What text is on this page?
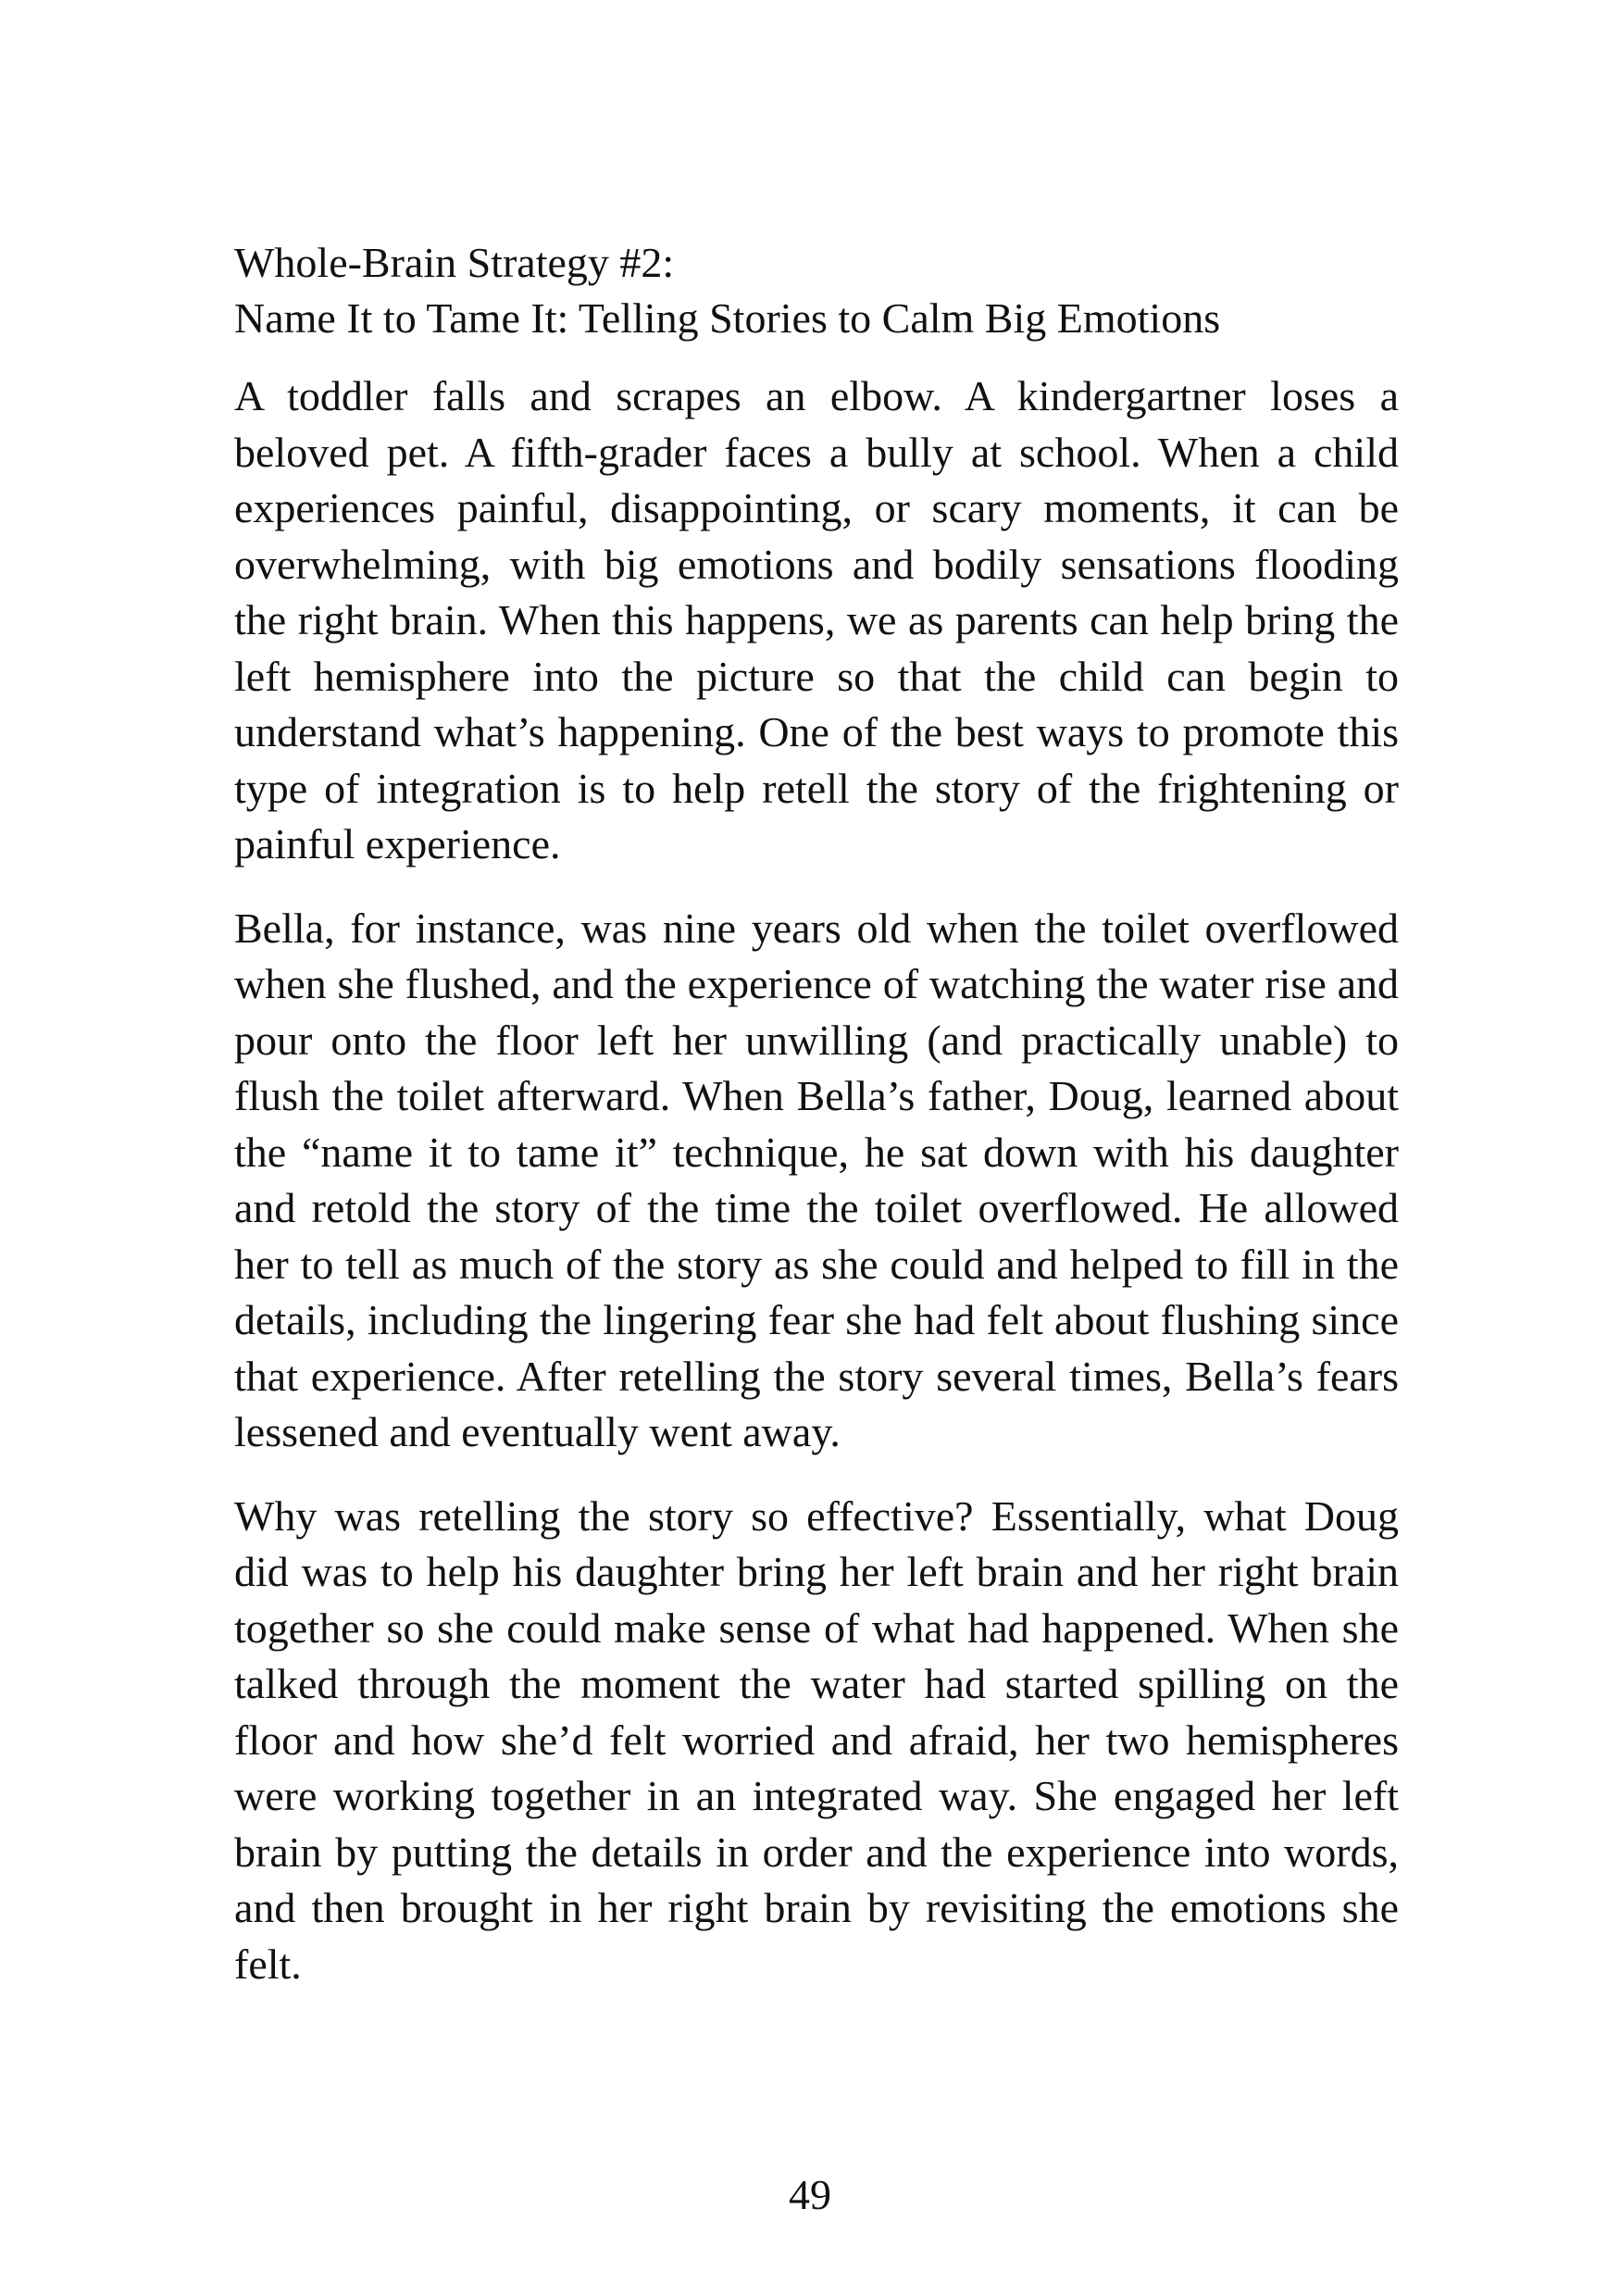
Whole-Brain Strategy #2:
Name It to Tame It: Telling Stories to Calm Big Emotions

A toddler falls and scrapes an elbow. A kindergartner loses a beloved pet. A fifth-grader faces a bully at school. When a child experiences painful, disappointing, or scary moments, it can be overwhelming, with big emotions and bodily sensations flooding the right brain. When this happens, we as parents can help bring the left hemisphere into the picture so that the child can begin to understand what’s happening. One of the best ways to promote this type of integration is to help retell the story of the frightening or painful experience.

Bella, for instance, was nine years old when the toilet overflowed when she flushed, and the experience of watching the water rise and pour onto the floor left her unwilling (and practically unable) to flush the toilet afterward. When Bella’s father, Doug, learned about the “name it to tame it” technique, he sat down with his daughter and retold the story of the time the toilet overflowed. He allowed her to tell as much of the story as she could and helped to fill in the details, including the lingering fear she had felt about flushing since that experience. After retelling the story several times, Bella’s fears lessened and eventually went away.

Why was retelling the story so effective? Essentially, what Doug did was to help his daughter bring her left brain and her right brain together so she could make sense of what had happened. When she talked through the moment the water had started spilling on the floor and how she’d felt worried and afraid, her two hemispheres were working together in an integrated way. She engaged her left brain by putting the details in order and the experience into words, and then brought in her right brain by revisiting the emotions she felt.

49
